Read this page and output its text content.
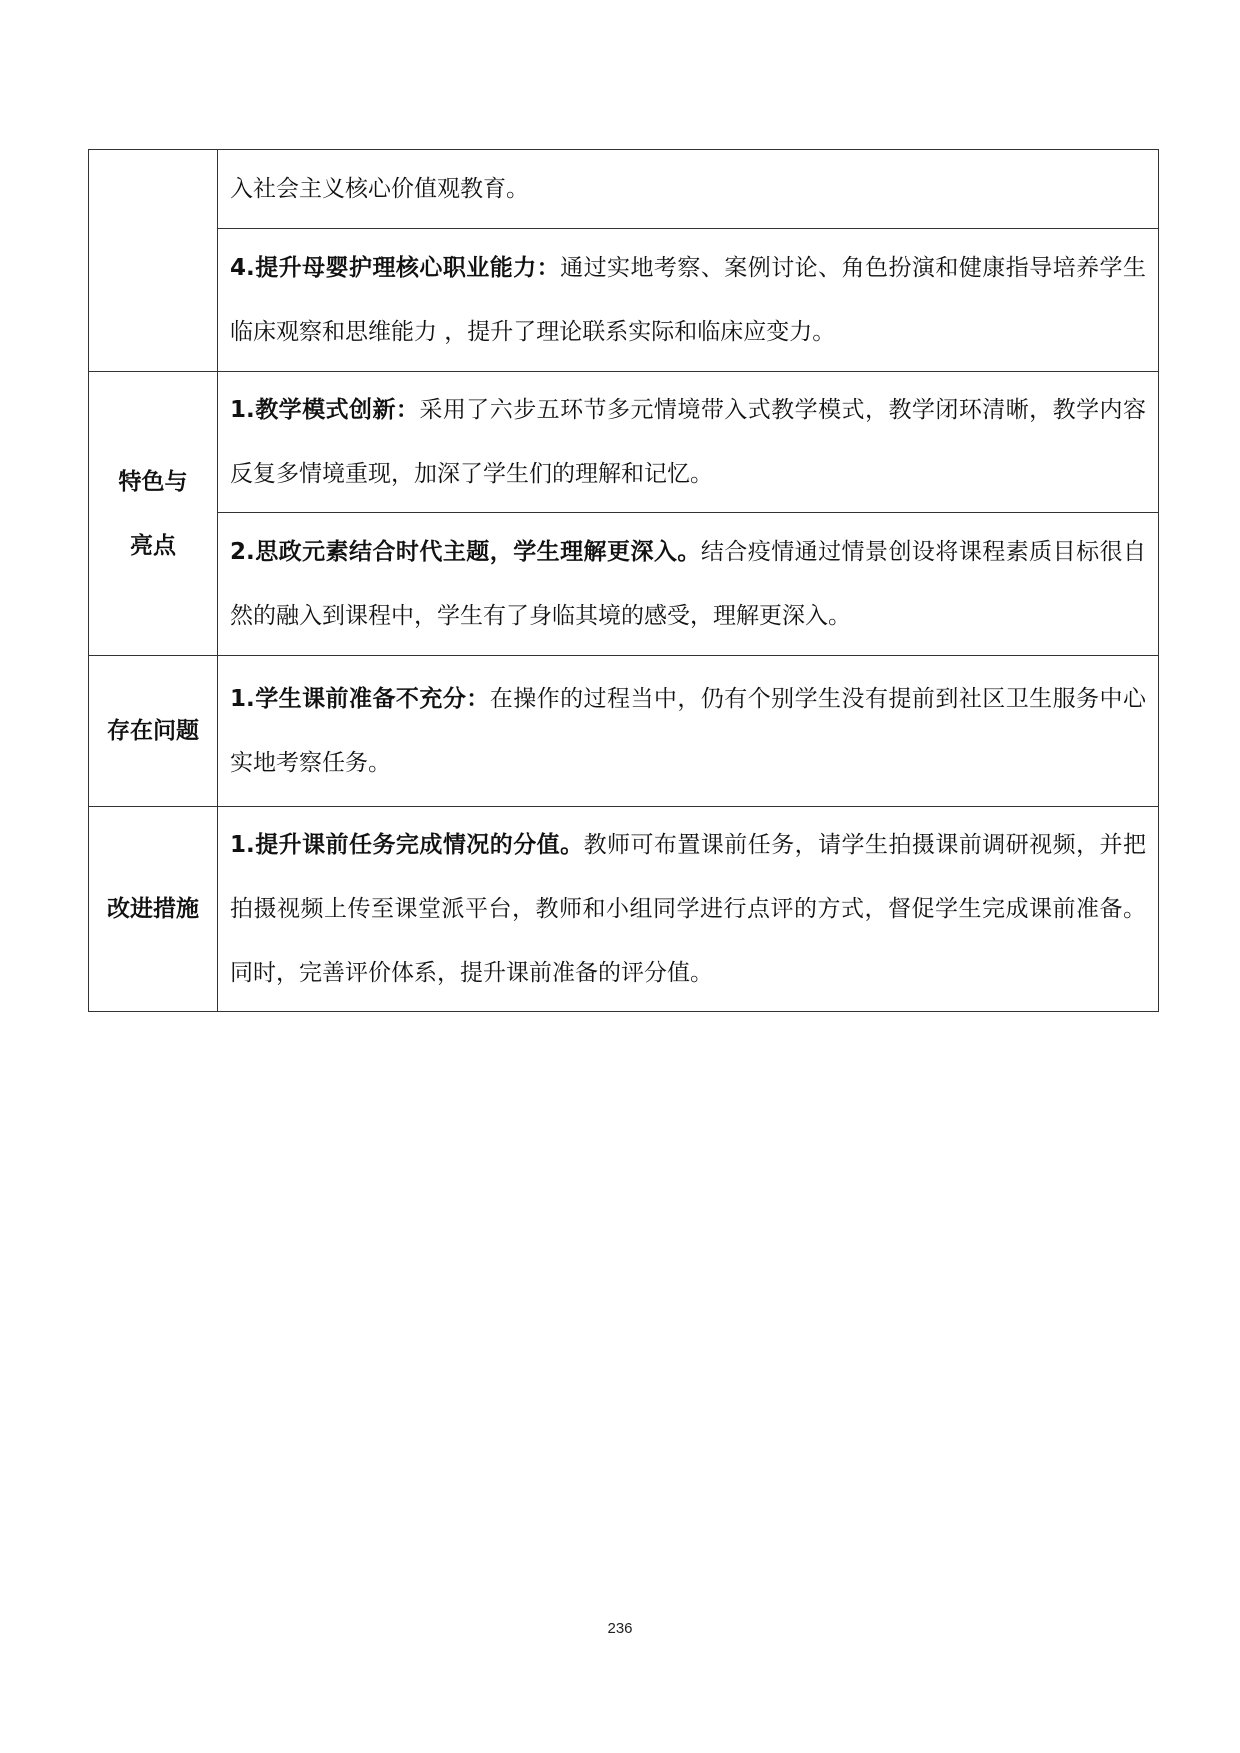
	入社会主义核心价值观教育。
	4.提升母婴护理核心职业能力：通过实地考察、案例讨论、角色扮演和健康指导培养学生临床观察和思维能力 ，提升了理论联系实际和临床应变力。

特色与
亮点	1.教学模式创新：采用了六步五环节多元情境带入式教学模式，教学闭环清晰，教学内容反复多情境重现，加深了学生们的理解和记忆。
	2.思政元素结合时代主题，学生理解更深入。结合疫情通过情景创设将课程素质目标很自然的融入到课程中，学生有了身临其境的感受，理解更深入。
存在问题	1.学生课前准备不充分：在操作的过程当中，仍有个别学生没有提前到社区卫生服务中心实地考察任务。
改进措施	1.提升课前任务完成情况的分值。教师可布置课前任务，请学生拍摄课前调研视频，并把拍摄视频上传至课堂派平台，教师和小组同学进行点评的方式，督促学生完成课前准备。同时，完善评价体系，提升课前准备的评分值。
236
